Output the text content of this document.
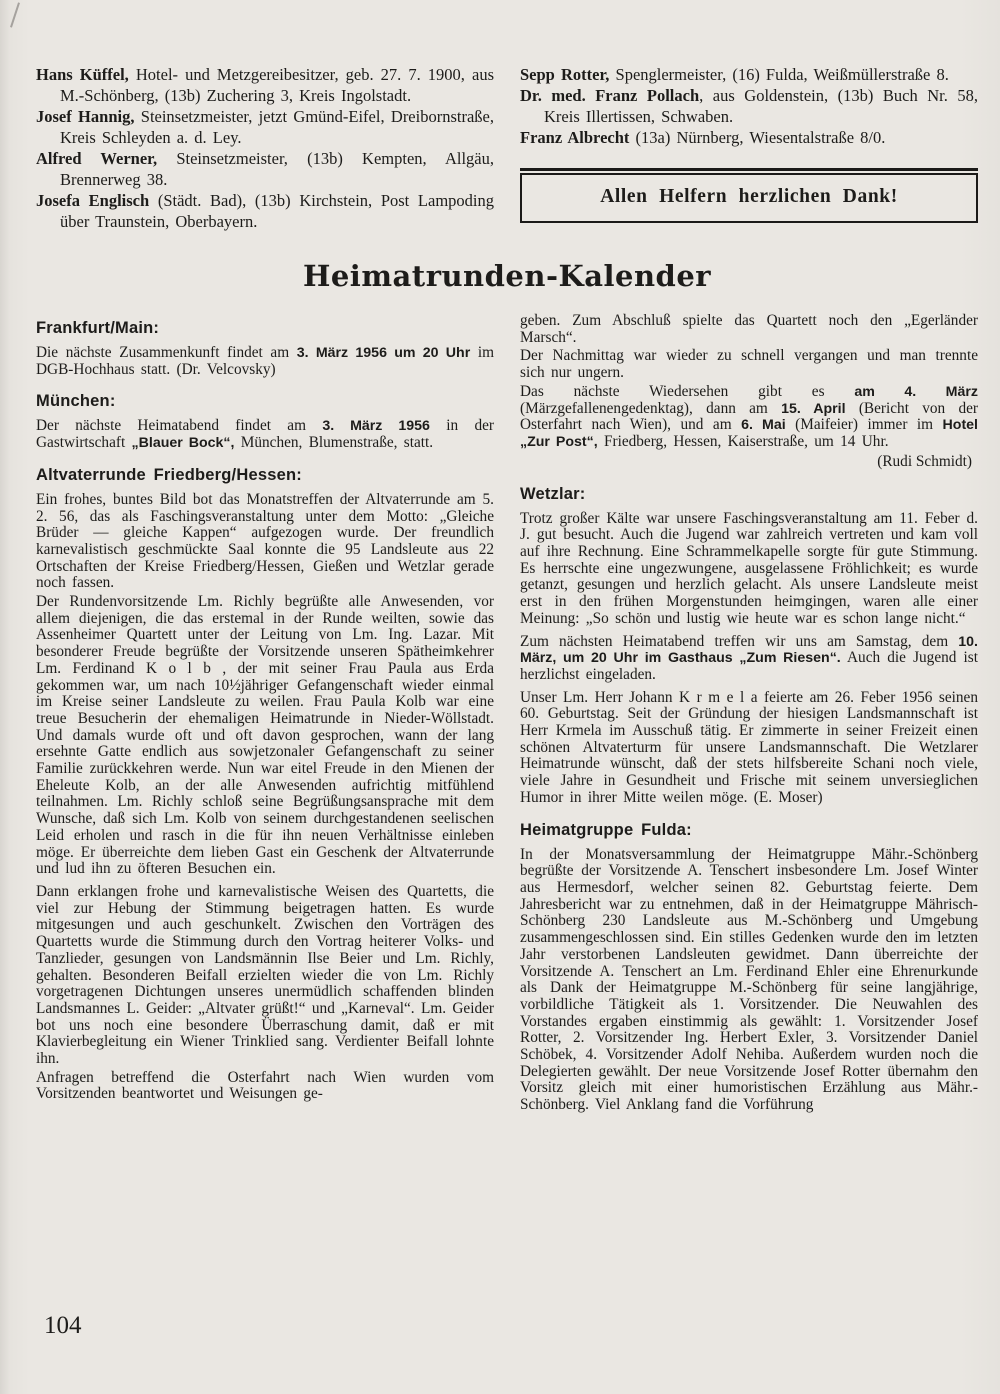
Hans Küffel, Hotel- und Metzgereibesitzer, geb. 27. 7. 1900, aus M.-Schönberg, (13b) Zuchering 3, Kreis Ingolstadt.

Josef Hannig, Steinsetzmeister, jetzt Gmünd-Eifel, Dreibornstraße, Kreis Schleyden a. d. Ley.

Alfred Werner, Steinsetzmeister, (13b) Kempten, Allgäu, Brennerweg 38.

Josefa Englisch (Städt. Bad), (13b) Kirchstein, Post Lampoding über Traunstein, Oberbayern.

Sepp Rotter, Spenglermeister, (16) Fulda, Weißmüllerstraße 8.

Dr. med. Franz Pollach, aus Goldenstein, (13b) Buch Nr. 58, Kreis Illertissen, Schwaben.

Franz Albrecht (13a) Nürnberg, Wiesentalstraße 8/0.

Allen Helfern herzlichen Dank!
Heimatrunden-Kalender
Frankfurt/Main:

Die nächste Zusammenkunft findet am 3. März 1956 um 20 Uhr im DGB-Hochhaus statt. (Dr. Velcovsky)

München:

Der nächste Heimatabend findet am 3. März 1956 in der Gastwirtschaft „Blauer Bock“, München, Blumenstraße, statt.

Altvaterrunde Friedberg/Hessen:

Ein frohes, buntes Bild bot das Monatstreffen der Altvaterrunde am 5. 2. 56, das als Faschingsveranstaltung unter dem Motto: „Gleiche Brüder — gleiche Kappen“ aufgezogen wurde. Der freundlich karnevalistisch geschmückte Saal konnte die 95 Landsleute aus 22 Ortschaften der Kreise Friedberg/Hessen, Gießen und Wetzlar gerade noch fassen.

Der Rundenvorsitzende Lm. Richly begrüßte alle Anwesenden, vor allem diejenigen, die das erstemal in der Runde weilten, sowie das Assenheimer Quartett unter der Leitung von Lm. Ing. Lazar. Mit besonderer Freude begrüßte der Vorsitzende unseren Spätheimkehrer Lm. Ferdinand K o l b , der mit seiner Frau Paula aus Erda gekommen war, um nach 10½jähriger Gefangenschaft wieder einmal im Kreise seiner Landsleute zu weilen. Frau Paula Kolb war eine treue Besucherin der ehemaligen Heimatrunde in Nieder-Wöllstadt. Und damals wurde oft und oft davon gesprochen, wann der lang ersehnte Gatte endlich aus sowjetzonaler Gefangenschaft zu seiner Familie zurückkehren werde. Nun war eitel Freude in den Mienen der Eheleute Kolb, an der alle Anwesenden aufrichtig mitfühlend teilnahmen. Lm. Richly schloß seine Begrüßungsansprache mit dem Wunsche, daß sich Lm. Kolb von seinem durchgestandenen seelischen Leid erholen und rasch in die für ihn neuen Verhältnisse einleben möge. Er überreichte dem lieben Gast ein Geschenk der Altvaterrunde und lud ihn zu öfteren Besuchen ein.

Dann erklangen frohe und karnevalistische Weisen des Quartetts, die viel zur Hebung der Stimmung beigetragen hatten. Es wurde mitgesungen und auch geschunkelt. Zwischen den Vorträgen des Quartetts wurde die Stimmung durch den Vortrag heiterer Volks- und Tanzlieder, gesungen von Landsmännin Ilse Beier und Lm. Richly, gehalten. Besonderen Beifall erzielten wieder die von Lm. Richly vorgetragenen Dichtungen unseres unermüdlich schaffenden blinden Landsmannes L. Geider: „Altvater grüßt!“ und „Karneval“. Lm. Geider bot uns noch eine besondere Überraschung damit, daß er mit Klavierbegleitung ein Wiener Trinklied sang. Verdienter Beifall lohnte ihn.

Anfragen betreffend die Osterfahrt nach Wien wurden vom Vorsitzenden beantwortet und Weisungen ge-

geben. Zum Abschluß spielte das Quartett noch den „Egerländer Marsch“.

Der Nachmittag war wieder zu schnell vergangen und man trennte sich nur ungern.

Das nächste Wiedersehen gibt es am 4. März (Märzgefallenengedenktag), dann am 15. April (Bericht von der Osterfahrt nach Wien), und am 6. Mai (Maifeier) immer im Hotel „Zur Post“, Friedberg, Hessen, Kaiserstraße, um 14 Uhr.

(Rudi Schmidt)

Wetzlar:

Trotz großer Kälte war unsere Faschingsveranstaltung am 11. Feber d. J. gut besucht. Auch die Jugend war zahlreich vertreten und kam voll auf ihre Rechnung. Eine Schrammelkapelle sorgte für gute Stimmung. Es herrschte eine ungezwungene, ausgelassene Fröhlichkeit; es wurde getanzt, gesungen und herzlich gelacht. Als unsere Landsleute meist erst in den frühen Morgenstunden heimgingen, waren alle einer Meinung: „So schön und lustig wie heute war es schon lange nicht.“

Zum nächsten Heimatabend treffen wir uns am Samstag, dem 10. März, um 20 Uhr im Gasthaus „Zum Riesen“. Auch die Jugend ist herzlichst eingeladen.

Unser Lm. Herr Johann K r m e l a feierte am 26. Feber 1956 seinen 60. Geburtstag. Seit der Gründung der hiesigen Landsmannschaft ist Herr Krmela im Ausschuß tätig. Er zimmerte in seiner Freizeit einen schönen Altvaterturm für unsere Landsmannschaft. Die Wetzlarer Heimatrunde wünscht, daß der stets hilfsbereite Schani noch viele, viele Jahre in Gesundheit und Frische mit seinem unversieglichen Humor in ihrer Mitte weilen möge. (E. Moser)

Heimatgruppe Fulda:

In der Monatsversammlung der Heimatgruppe Mähr.-Schönberg begrüßte der Vorsitzende A. Tenschert insbesondere Lm. Josef Winter aus Hermesdorf, welcher seinen 82. Geburtstag feierte. Dem Jahresbericht war zu entnehmen, daß in der Heimatgruppe Mährisch-Schönberg 230 Landsleute aus M.-Schönberg und Umgebung zusammengeschlossen sind. Ein stilles Gedenken wurde den im letzten Jahr verstorbenen Landsleuten gewidmet. Dann überreichte der Vorsitzende A. Tenschert an Lm. Ferdinand Ehler eine Ehrenurkunde als Dank der Heimatgruppe M.-Schönberg für seine langjährige, vorbildliche Tätigkeit als 1. Vorsitzender. Die Neuwahlen des Vorstandes ergaben einstimmig als gewählt: 1. Vorsitzender Josef Rotter, 2. Vorsitzender Ing. Herbert Exler, 3. Vorsitzender Daniel Schöbek, 4. Vorsitzender Adolf Nehiba. Außerdem wurden noch die Delegierten gewählt. Der neue Vorsitzende Josef Rotter übernahm den Vorsitz gleich mit einer humoristischen Erzählung aus Mähr.-Schönberg. Viel Anklang fand die Vorführung

104
